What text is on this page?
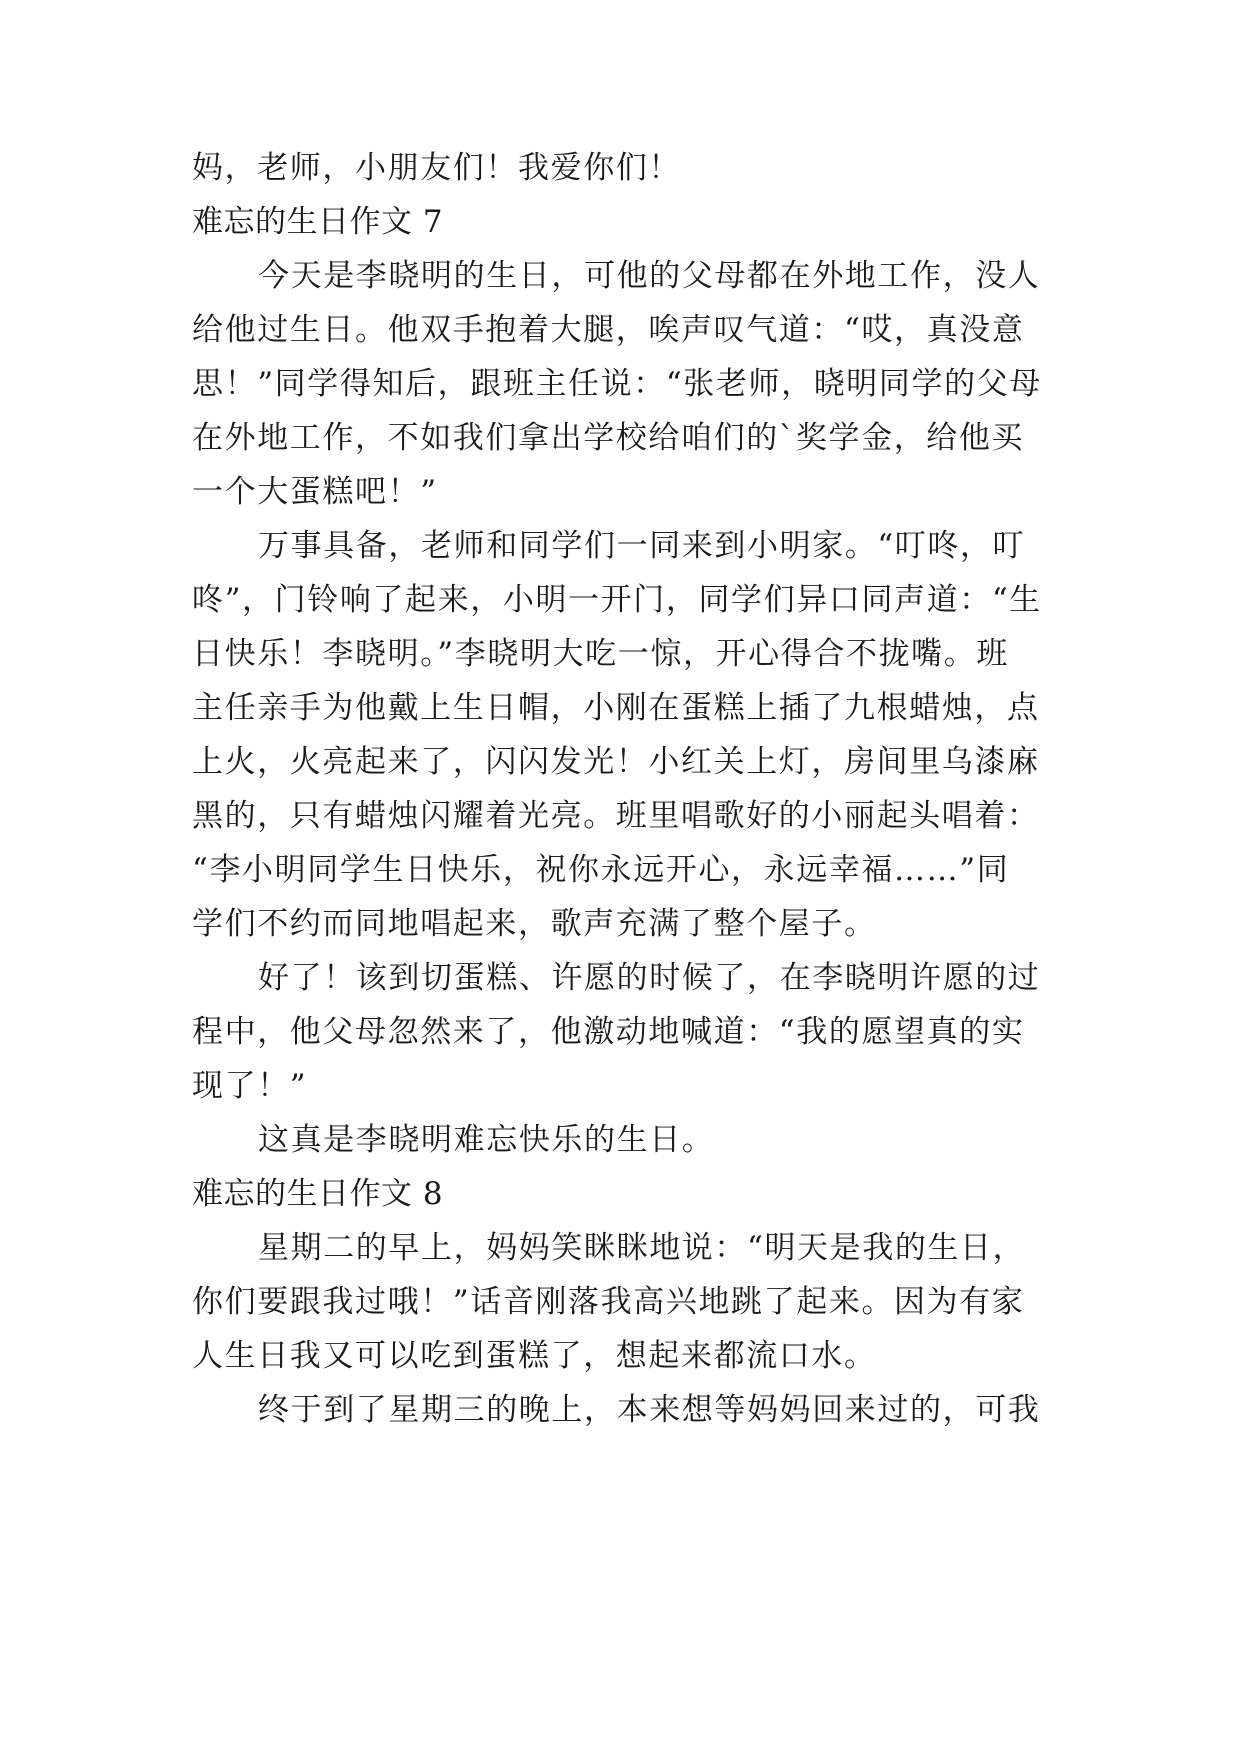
妈，老师，小朋友们！我爱你们！
难忘的生日作文 7
今天是李晓明的生日，可他的父母都在外地工作，没人
给他过生日。他双手抱着大腿，唉声叹气道：“哎，真没意
思！”同学得知后，跟班主任说：“张老师，晓明同学的父母
在外地工作，不如我们拿出学校给咱们的`奖学金，给他买
一个大蛋糕吧！”
万事具备，老师和同学们一同来到小明家。“叮咚，叮
咚”，门铃响了起来，小明一开门，同学们异口同声道：“生
日快乐！李晓明。”李晓明大吃一惊，开心得合不拢嘴。班
主任亲手为他戴上生日帽，小刚在蛋糕上插了九根蜡烛，点
上火，火亮起来了，闪闪发光！小红关上灯，房间里乌漆麻
黑的，只有蜡烛闪耀着光亮。班里唱歌好的小丽起头唱着：
“李小明同学生日快乐，祝你永远开心，永远幸福……”同
学们不约而同地唱起来，歌声充满了整个屋子。
好了！该到切蛋糕、许愿的时候了，在李晓明许愿的过
程中，他父母忽然来了，他激动地喊道：“我的愿望真的实
现了！”
这真是李晓明难忘快乐的生日。
难忘的生日作文 8
星期二的早上，妈妈笑眯眯地说：“明天是我的生日，
你们要跟我过哦！”话音刚落我高兴地跳了起来。因为有家
人生日我又可以吃到蛋糕了，想起来都流口水。
终于到了星期三的晚上，本来想等妈妈回来过的，可我
